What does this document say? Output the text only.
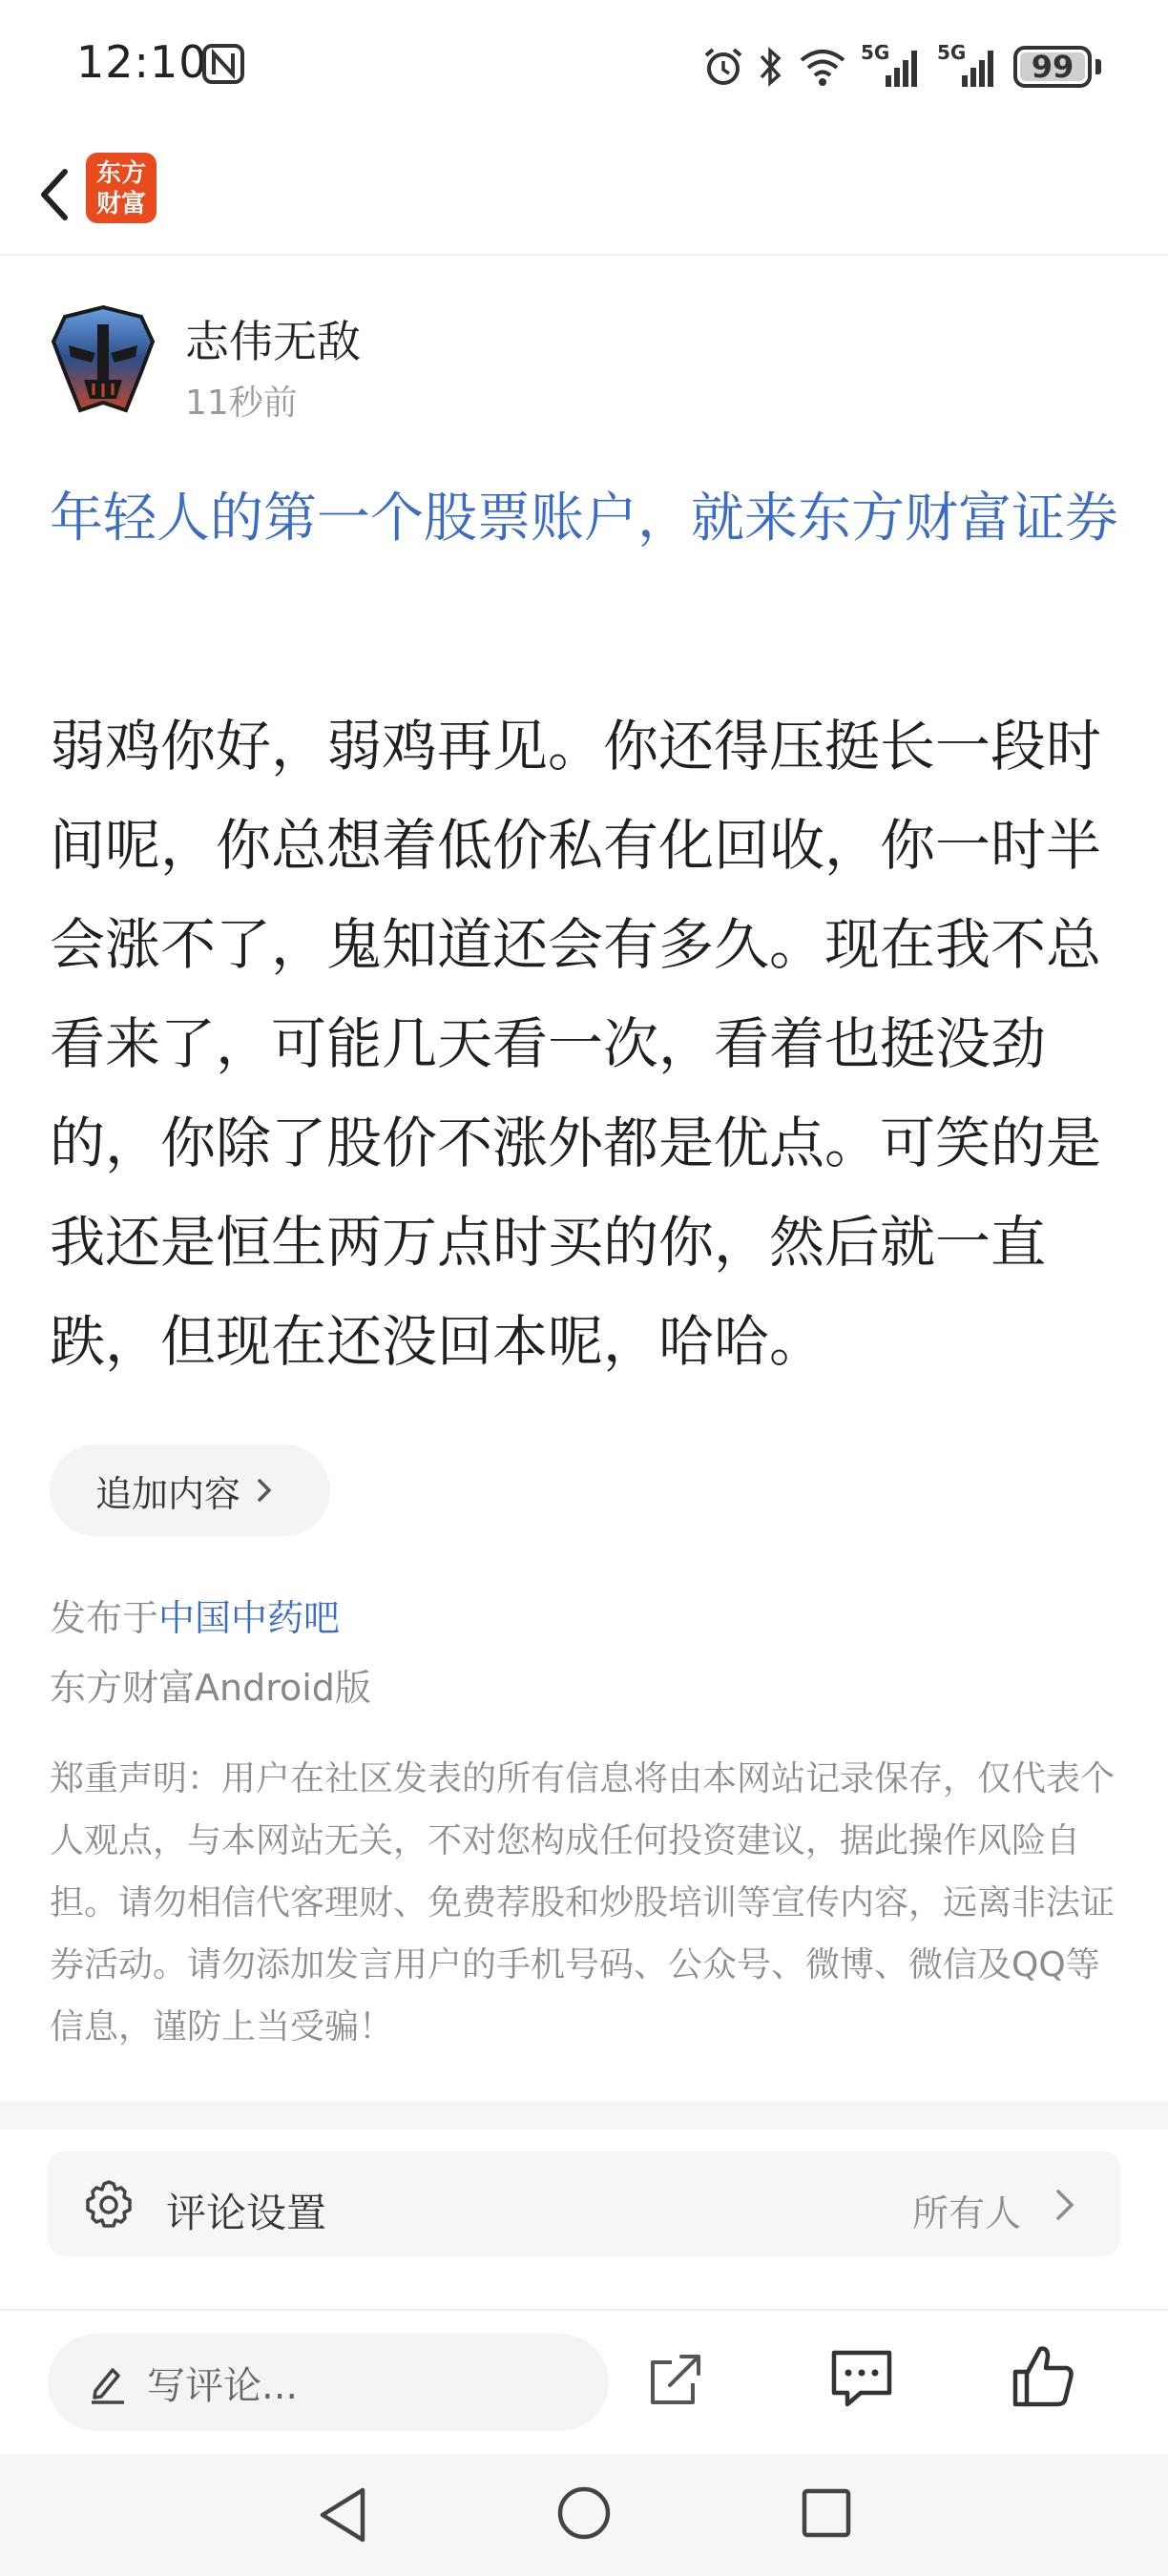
12:10	5G 5G 99
东方
财富
志伟无敌
11秒前
年轻人的第一个股票账户，就来东方财富证券
弱鸡你好，弱鸡再见。你还得压挺长一段时间呢，你总想着低价私有化回收，你一时半会涨不了，鬼知道还会有多久。现在我不总看来了，可能几天看一次，看着也挺没劲的，你除了股价不涨外都是优点。可笑的是我还是恒生两万点时买的你，然后就一直跌，但现在还没回本呢，哈哈。
追加内容
发布于中国中药吧
东方财富Android版
郑重声明：用户在社区发表的所有信息将由本网站记录保存，仅代表个人观点，与本网站无关，不对您构成任何投资建议，据此操作风险自担。请勿相信代客理财、免费荐股和炒股培训等宣传内容，远离非法证券活动。请勿添加发言用户的手机号码、公众号、微博、微信及QQ等信息，谨防上当受骗！
评论设置	所有人
写评论...
